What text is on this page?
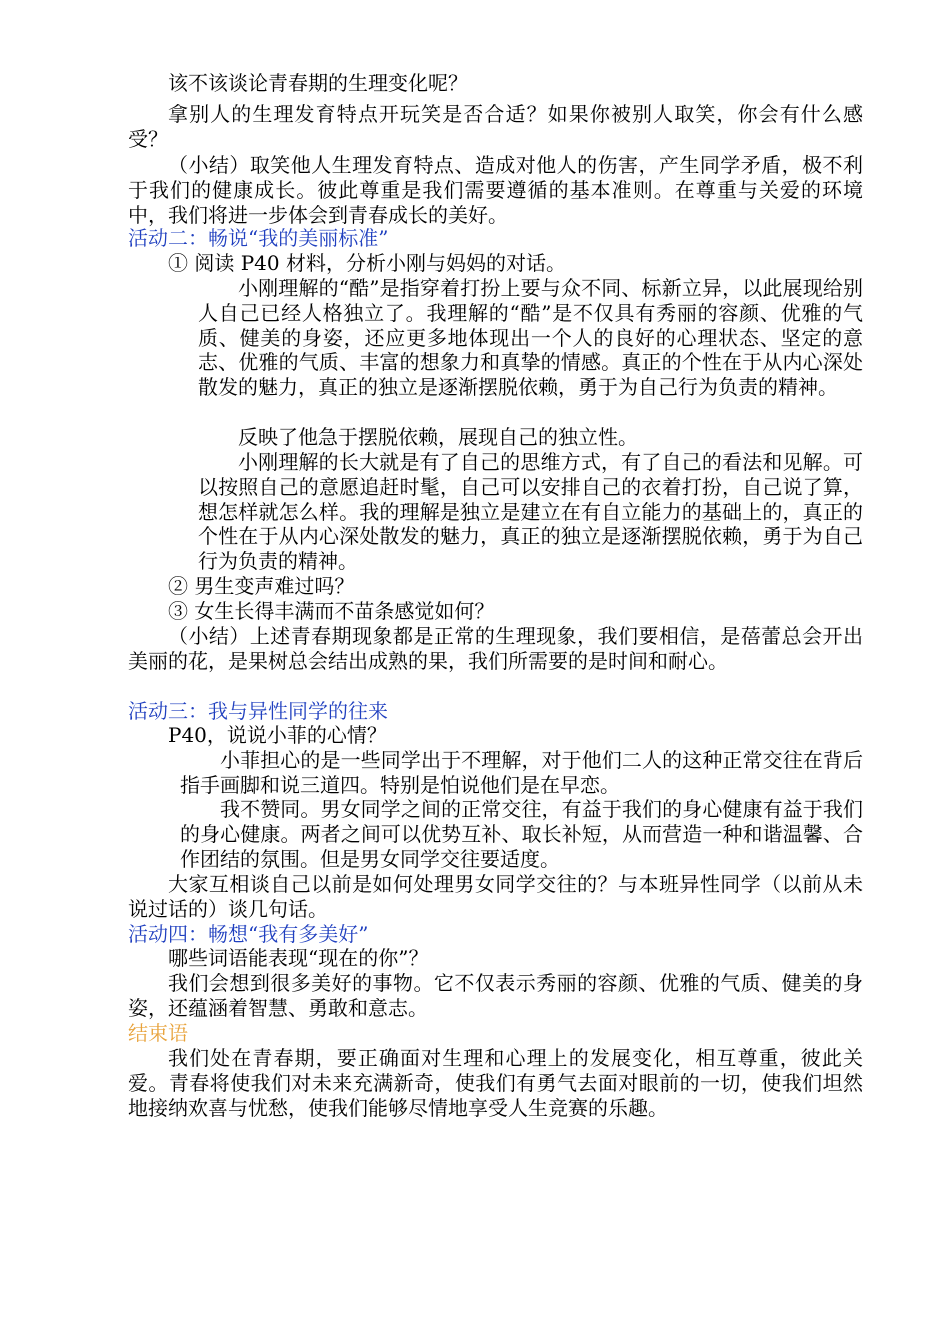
该不该谈论青春期的生理变化呢？

拿别人的生理发育特点开玩笑是否合适？如果你被别人取笑，你会有什么感受？

（小结）取笑他人生理发育特点、造成对他人的伤害，产生同学矛盾，极不利于我们的健康成长。彼此尊重是我们需要遵循的基本准则。在尊重与关爱的环境中，我们将进一步体会到青春成长的美好。

活动二：畅说“我的美丽标准”

① 阅读 P40 材料，分析小刚与妈妈的对话。

小刚理解的“酷”是指穿着打扮上要与众不同、标新立异，以此展现给别人自己已经人格独立了。我理解的“酷”是不仅具有秀丽的容颜、优雅的气质、健美的身姿，还应更多地体现出一个人的良好的心理状态、坚定的意志、优雅的气质、丰富的想象力和真挚的情感。真正的个性在于从内心深处散发的魅力，真正的独立是逐渐摆脱依赖，勇于为自己行为负责的精神。

反映了他急于摆脱依赖，展现自己的独立性。

小刚理解的长大就是有了自己的思维方式，有了自己的看法和见解。可以按照自己的意愿追赶时髦，自己可以安排自己的衣着打扮，自己说了算，想怎样就怎么样。我的理解是独立是建立在有自立能力的基础上的，真正的个性在于从内心深处散发的魅力，真正的独立是逐渐摆脱依赖，勇于为自己行为负责的精神。

② 男生变声难过吗？

③ 女生长得丰满而不苗条感觉如何？

（小结）上述青春期现象都是正常的生理现象，我们要相信，是蓓蕾总会开出美丽的花，是果树总会结出成熟的果，我们所需要的是时间和耐心。

活动三：我与异性同学的往来

P40，说说小菲的心情？

小菲担心的是一些同学出于不理解，对于他们二人的这种正常交往在背后指手画脚和说三道四。特别是怕说他们是在早恋。

我不赞同。男女同学之间的正常交往，有益于我们的身心健康有益于我们的身心健康。两者之间可以优势互补、取长补短，从而营造一种和谐温馨、合作团结的氛围。但是男女同学交往要适度。

大家互相谈自己以前是如何处理男女同学交往的？与本班异性同学（以前从未说过话的）谈几句话。

活动四：畅想“我有多美好”

哪些词语能表现“现在的你”？

我们会想到很多美好的事物。它不仅表示秀丽的容颜、优雅的气质、健美的身姿，还蕴涵着智慧、勇敢和意志。

结束语

我们处在青春期，要正确面对生理和心理上的发展变化，相互尊重，彼此关爱。青春将使我们对未来充满新奇，使我们有勇气去面对眼前的一切，使我们坦然地接纳欢喜与忧愁，使我们能够尽情地享受人生竞赛的乐趣。
